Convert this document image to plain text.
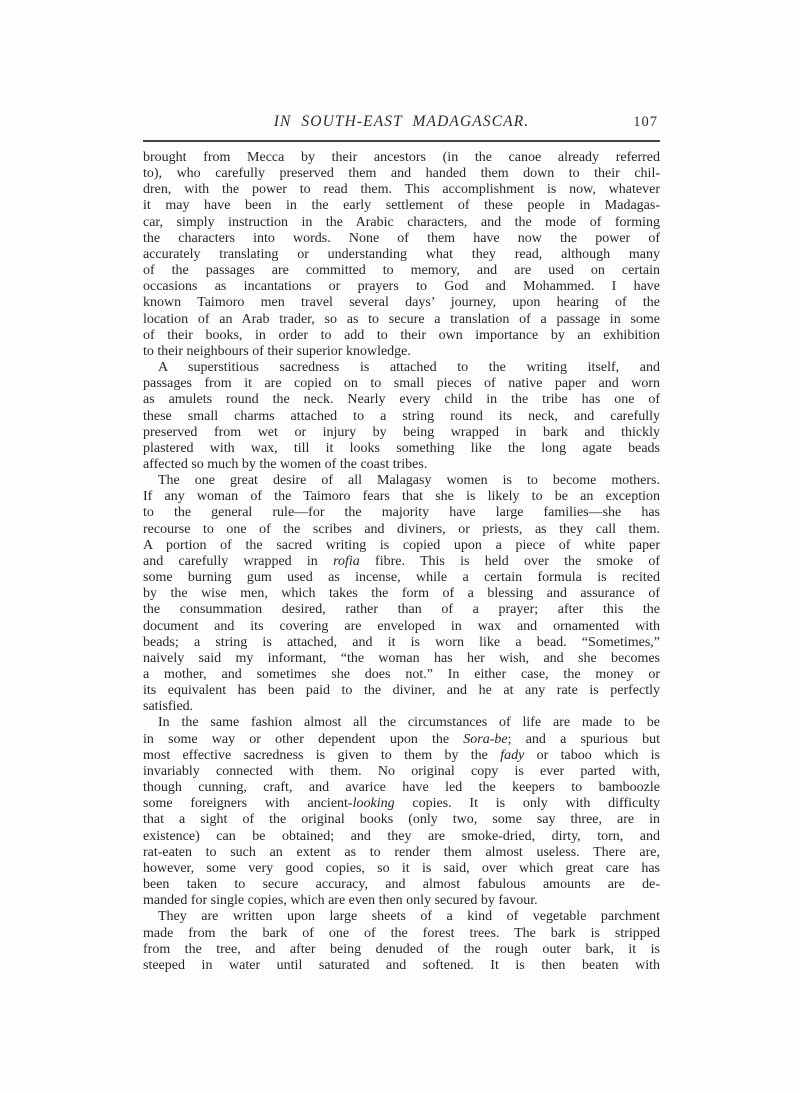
IN SOUTH-EAST MADAGASCAR.	107
brought from Mecca by their ancestors (in the canoe already referred
to), who carefully preserved them and handed them down to their chil-
dren, with the power to read them. This accomplishment is now, whatever
it may have been in the early settlement of these people in Madagas-
car, simply instruction in the Arabic characters, and the mode of forming
the characters into words. None of them have now the power of
accurately translating or understanding what they read, although many
of the passages are committed to memory, and are used on certain
occasions as incantations or prayers to God and Mohammed. I have
known Taimoro men travel several days’ journey, upon hearing of the
location of an Arab trader, so as to secure a translation of a passage in some
of their books, in order to add to their own importance by an exhibition
to their neighbours of their superior knowledge.
A superstitious sacredness is attached to the writing itself, and
passages from it are copied on to small pieces of native paper and worn
as amulets round the neck. Nearly every child in the tribe has one of
these small charms attached to a string round its neck, and carefully
preserved from wet or injury by being wrapped in bark and thickly
plastered with wax, till it looks something like the long agate beads
affected so much by the women of the coast tribes.
The one great desire of all Malagasy women is to become mothers.
If any woman of the Taimoro fears that she is likely to be an exception
to the general rule—for the majority have large families—she has
recourse to one of the scribes and diviners, or priests, as they call them.
A portion of the sacred writing is copied upon a piece of white paper
and carefully wrapped in rofia fibre. This is held over the smoke of
some burning gum used as incense, while a certain formula is recited
by the wise men, which takes the form of a blessing and assurance of
the consummation desired, rather than of a prayer; after this the
document and its covering are enveloped in wax and ornamented with
beads; a string is attached, and it is worn like a bead. “Sometimes,”
naively said my informant, “the woman has her wish, and she becomes
a mother, and sometimes she does not.” In either case, the money or
its equivalent has been paid to the diviner, and he at any rate is perfectly
satisfied.
In the same fashion almost all the circumstances of life are made to be
in some way or other dependent upon the Sora-be; and a spurious but
most effective sacredness is given to them by the fady or taboo which is
invariably connected with them. No original copy is ever parted with,
though cunning, craft, and avarice have led the keepers to bamboozle
some foreigners with ancient-looking copies. It is only with difficulty
that a sight of the original books (only two, some say three, are in
existence) can be obtained; and they are smoke-dried, dirty, torn, and
rat-eaten to such an extent as to render them almost useless. There are,
however, some very good copies, so it is said, over which great care has
been taken to secure accuracy, and almost fabulous amounts are de-
manded for single copies, which are even then only secured by favour.
They are written upon large sheets of a kind of vegetable parchment
made from the bark of one of the forest trees. The bark is stripped
from the tree, and after being denuded of the rough outer bark, it is
steeped in water until saturated and softened. It is then beaten with
